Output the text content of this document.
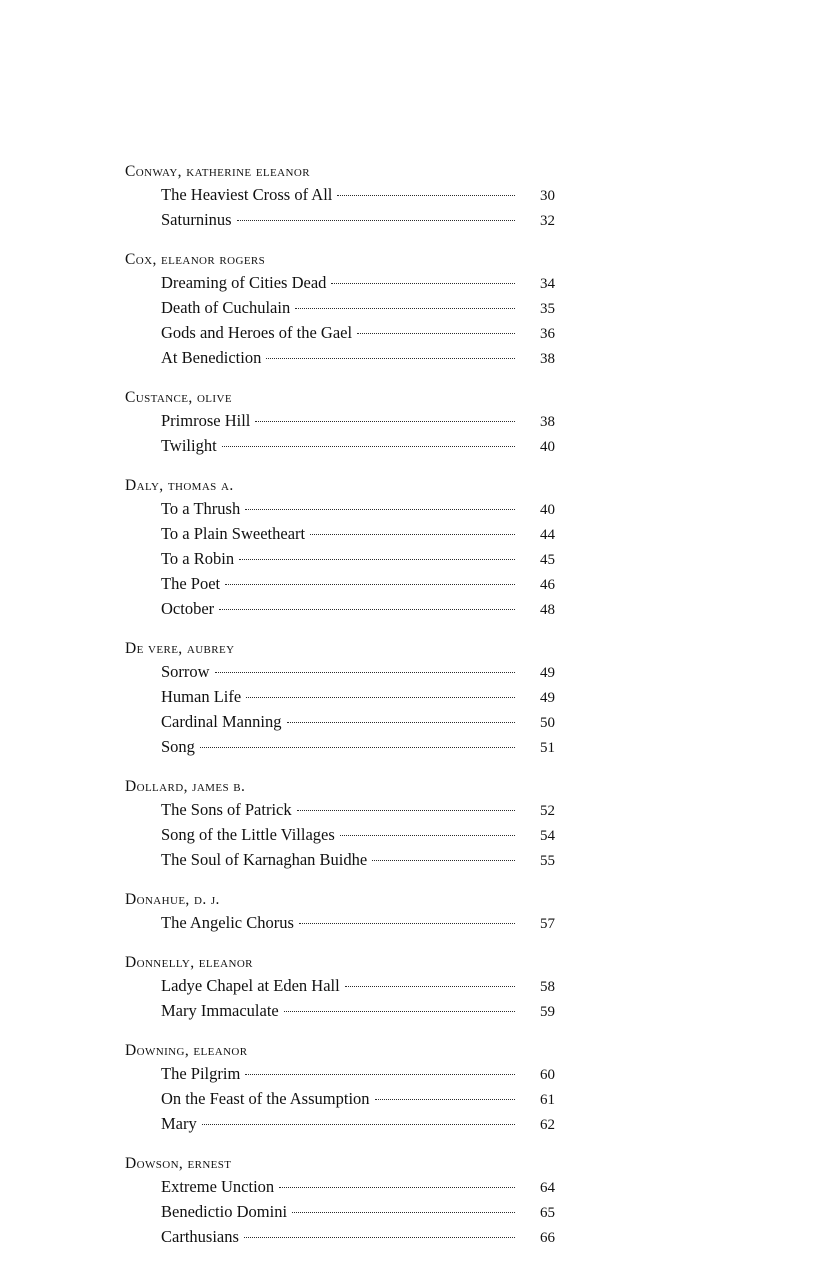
Conway, katherine eleanor
The Heaviest Cross of All	30
Saturninus	32
Cox, eleanor rogers
Dreaming of Cities Dead	34
Death of Cuchulain	35
Gods and Heroes of the Gael	36
At Benediction	38
Custance, olive
Primrose Hill	38
Twilight	40
Daly, thomas a.
To a Thrush	40
To a Plain Sweetheart	44
To a Robin	45
The Poet	46
October	48
De vere, aubrey
Sorrow	49
Human Life	49
Cardinal Manning	50
Song	51
Dollard, james b.
The Sons of Patrick	52
Song of the Little Villages	54
The Soul of Karnaghan Buidhe	55
Donahue, d. j.
The Angelic Chorus	57
Donnelly, eleanor
Ladye Chapel at Eden Hall	58
Mary Immaculate	59
Downing, eleanor
The Pilgrim	60
On the Feast of the Assumption	61
Mary	62
Dowson, ernest
Extreme Unction	64
Benedictio Domini	65
Carthusians	66
